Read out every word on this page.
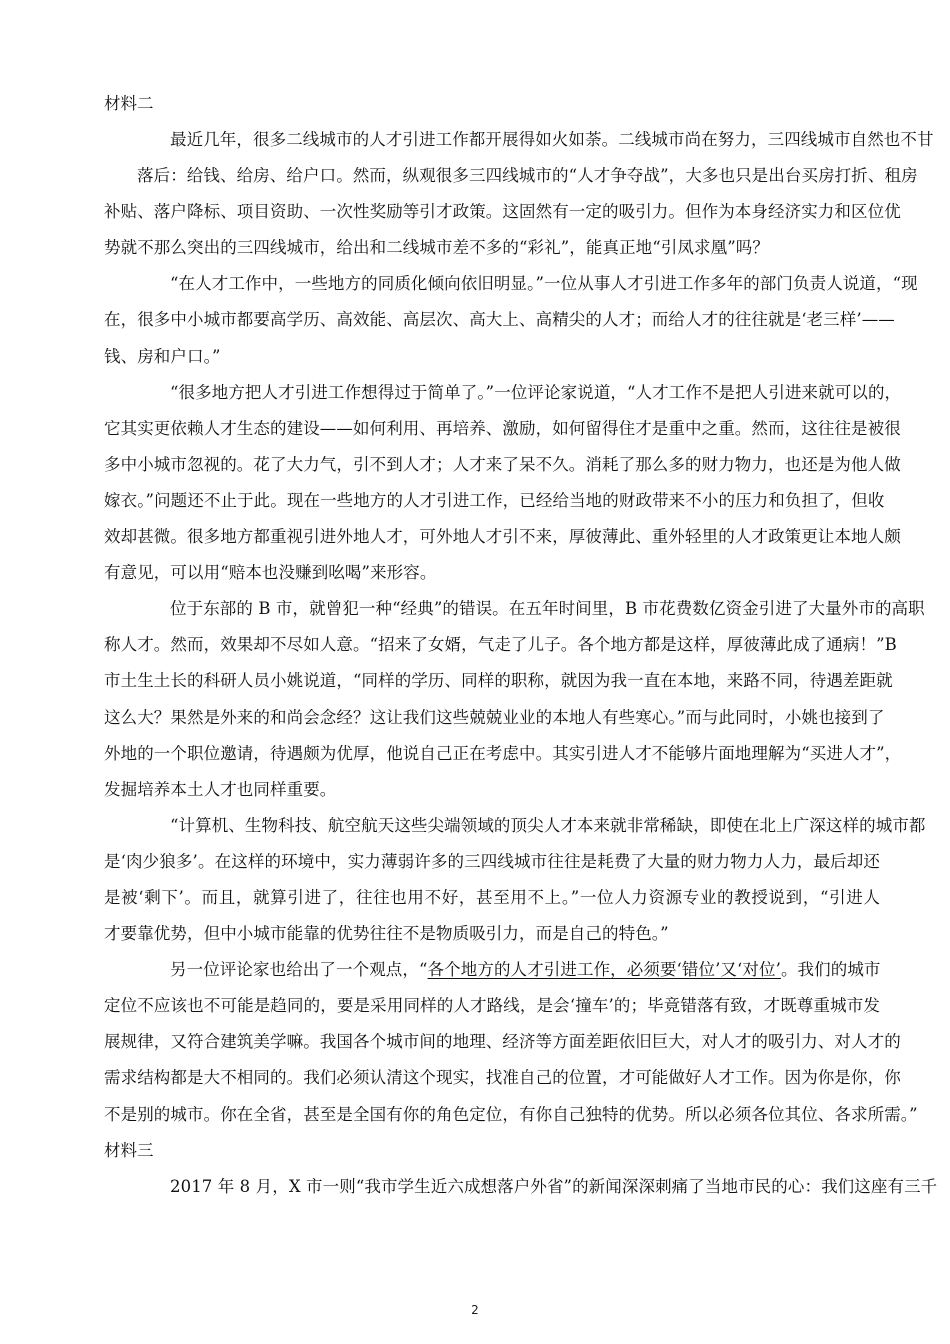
材料二

最近几年，很多二线城市的人才引进工作都开展得如火如荼。二线城市尚在努力，三四线城市自然也不甘
落后：给钱、给房、给户口。然而，纵观很多三四线城市的“人才争夺战”，大多也只是出台买房打折、租房
补贴、落户降标、项目资助、一次性奖励等引才政策。这固然有一定的吸引力。但作为本身经济实力和区位优
势就不那么突出的三四线城市，给出和二线城市差不多的“彩礼”，能真正地“引凤求凰”吗？

“在人才工作中，一些地方的同质化倾向依旧明显。”一位从事人才引进工作多年的部门负责人说道，“现
在，很多中小城市都要高学历、高效能、高层次、高大上、高精尖的人才；而给人才的往往就是‘老三样’——
钱、房和户口。”

“很多地方把人才引进工作想得过于简单了。”一位评论家说道，“人才工作不是把人引进来就可以的，
它其实更依赖人才生态的建设——如何利用、再培养、激励，如何留得住才是重中之重。然而，这往往是被很
多中小城市忽视的。花了大力气，引不到人才；人才来了呆不久。消耗了那么多的财力物力，也还是为他人做
嫁衣。”问题还不止于此。现在一些地方的人才引进工作，已经给当地的财政带来不小的压力和负担了，但收
效却甚微。很多地方都重视引进外地人才，可外地人才引不来，厚彼薄此、重外轻里的人才政策更让本地人颇
有意见，可以用“赔本也没赚到吆喝”来形容。

位于东部的 B 市，就曾犯一种“经典”的错误。在五年时间里，B 市花费数亿资金引进了大量外市的高职
称人才。然而，效果却不尽如人意。“招来了女婿，气走了儿子。各个地方都是这样，厚彼薄此成了通病！”B
市土生土长的科研人员小姚说道，“同样的学历、同样的职称，就因为我一直在本地，来路不同，待遇差距就
这么大？果然是外来的和尚会念经？这让我们这些兢兢业业的本地人有些寒心。”而与此同时，小姚也接到了
外地的一个职位邀请，待遇颇为优厚，他说自己正在考虑中。其实引进人才不能够片面地理解为“买进人才”，
发掘培养本土人才也同样重要。

“计算机、生物科技、航空航天这些尖端领域的顶尖人才本来就非常稀缺，即使在北上广深这样的城市都
是‘肉少狼多’。在这样的环境中，实力薄弱许多的三四线城市往往是耗费了大量的财力物力人力，最后却还
是被‘剩下’。而且，就算引进了，往往也用不好，甚至用不上。”一位人力资源专业的教授说到，“引进人
才要靠优势，但中小城市能靠的优势往往不是物质吸引力，而是自己的特色。”

另一位评论家也给出了一个观点，“各个地方的人才引进工作，必须要‘错位’又‘对位’。我们的城市
定位不应该也不可能是趋同的，要是采用同样的人才路线，是会‘撞车’的；毕竟错落有致，才既尊重城市发
展规律，又符合建筑美学嘛。我国各个城市间的地理、经济等方面差距依旧巨大，对人才的吸引力、对人才的
需求结构都是大不相同的。我们必须认清这个现实，找准自己的位置，才可能做好人才工作。因为你是你，你
不是别的城市。你在全省，甚至是全国有你的角色定位，有你自己独特的优势。所以必须各位其位、各求所需。”

材料三

2017 年 8 月，X 市一则“我市学生近六成想落户外省”的新闻深深刺痛了当地市民的心：我们这座有三千

2
